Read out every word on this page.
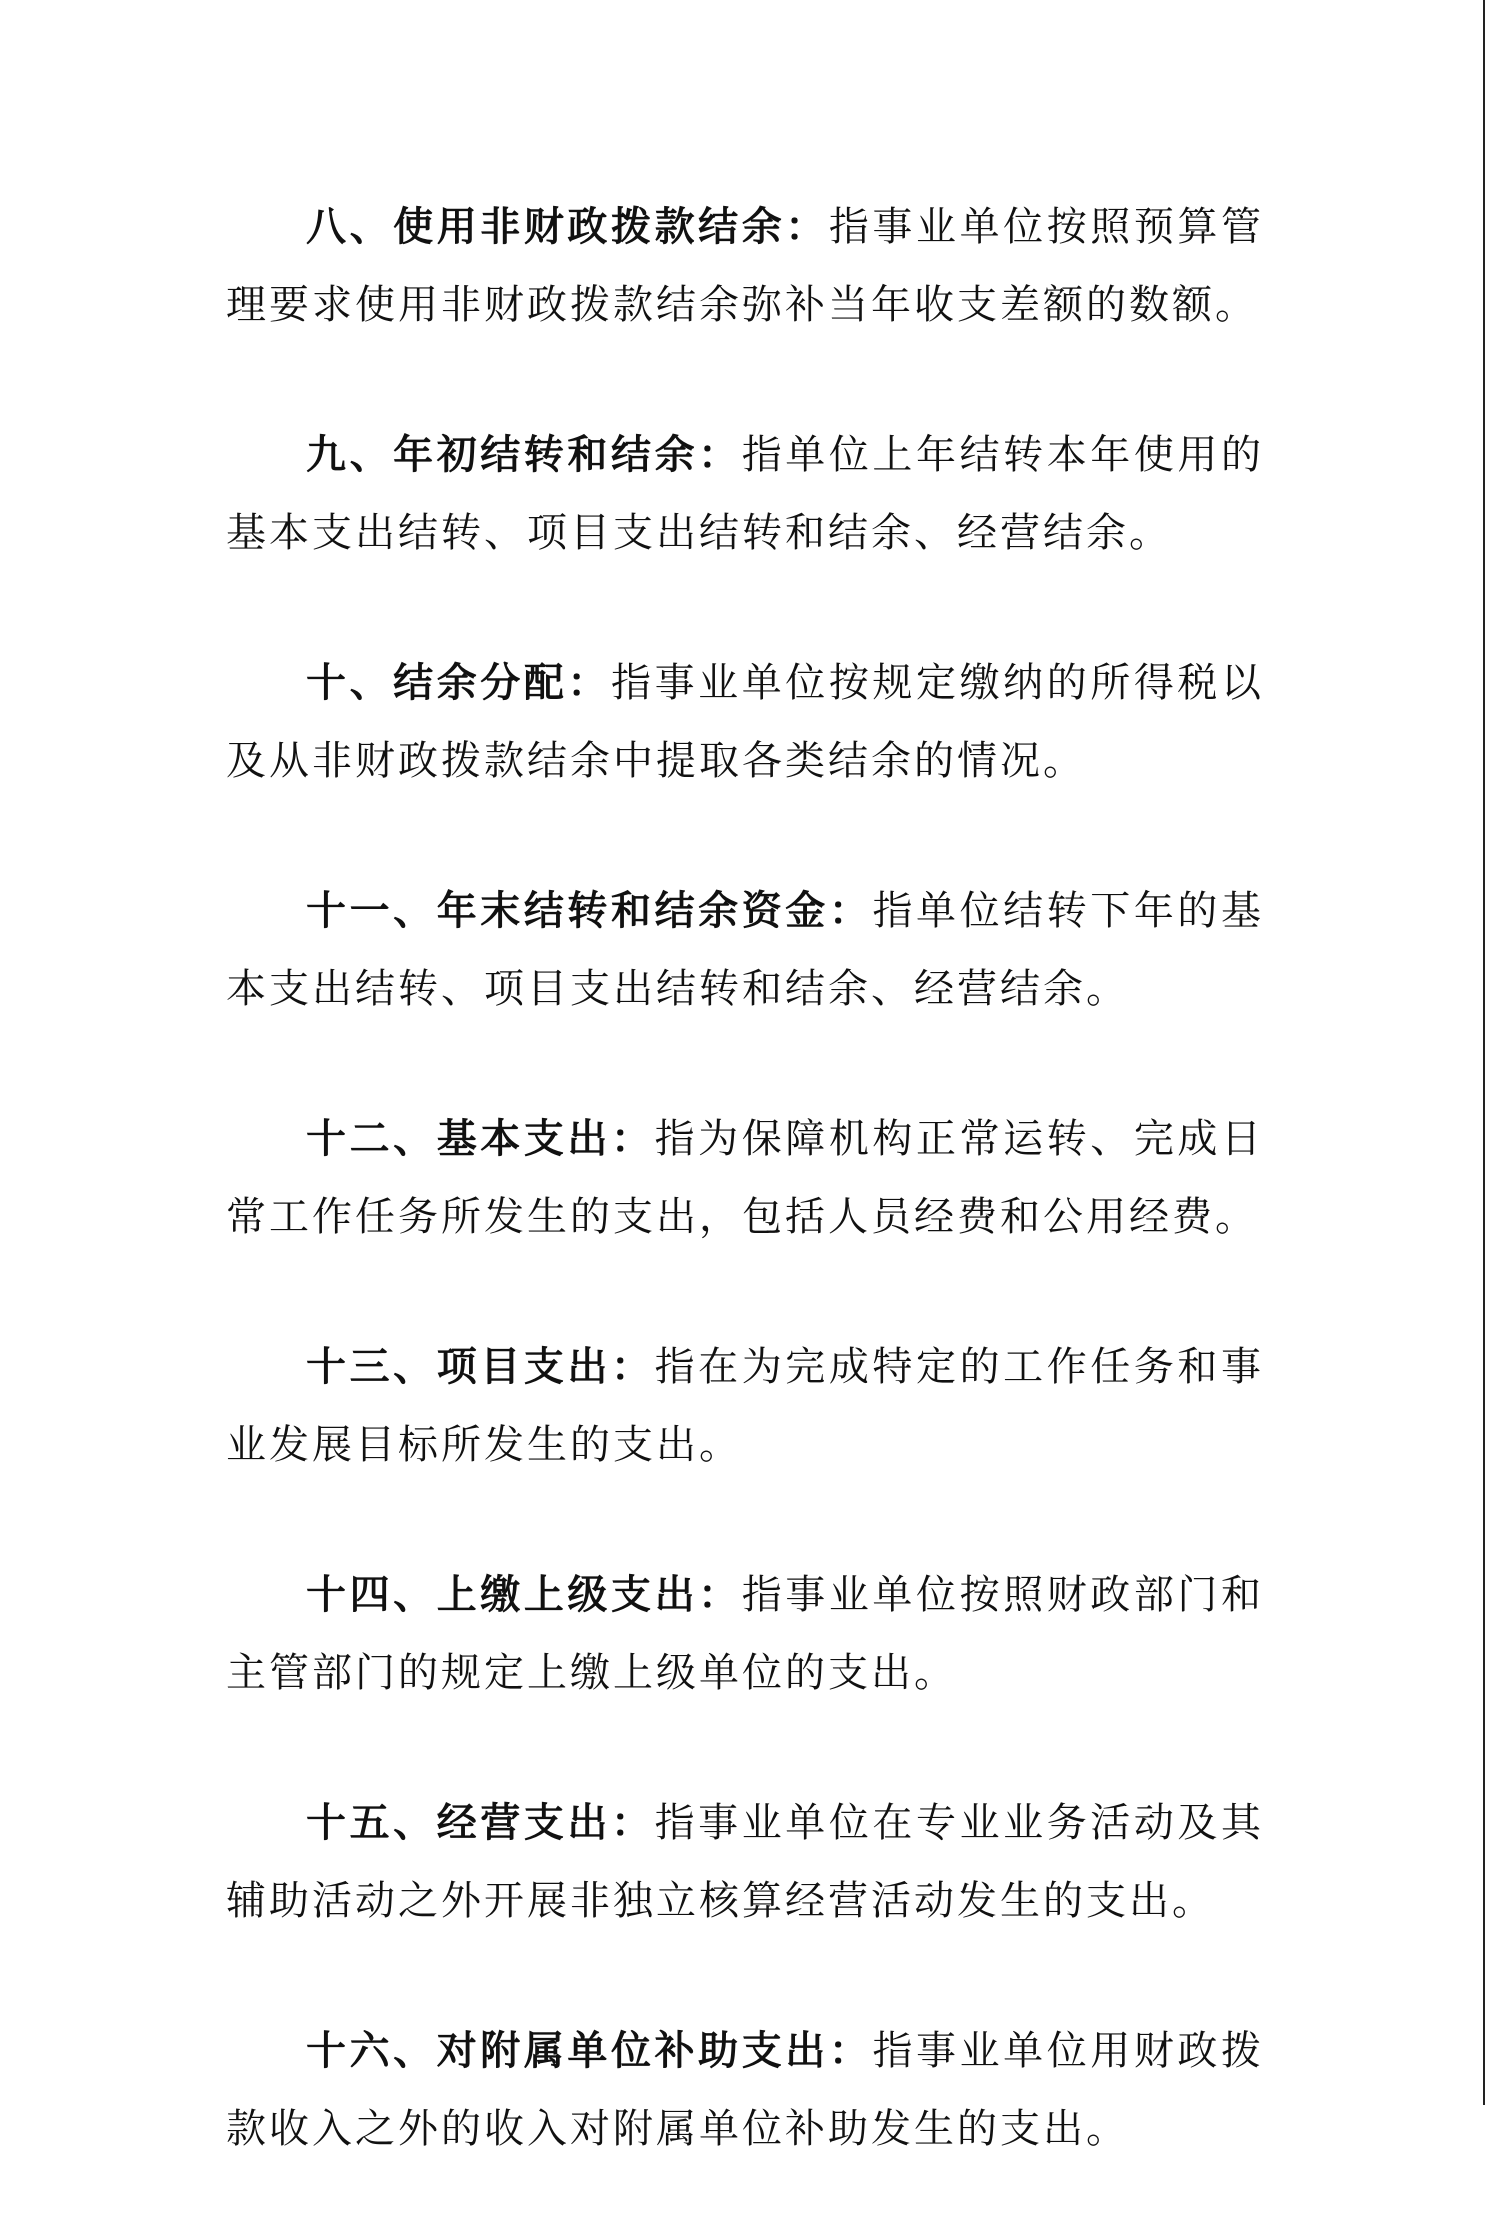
八、使用非财政拨款结余：指事业单位按照预算管理要求使用非财政拨款结余弥补当年收支差额的数额。

九、年初结转和结余：指单位上年结转本年使用的基本支出结转、项目支出结转和结余、经营结余。

十、结余分配：指事业单位按规定缴纳的所得税以及从非财政拨款结余中提取各类结余的情况。

十一、年末结转和结余资金：指单位结转下年的基本支出结转、项目支出结转和结余、经营结余。

十二、基本支出：指为保障机构正常运转、完成日常工作任务所发生的支出，包括人员经费和公用经费。

十三、项目支出：指在为完成特定的工作任务和事业发展目标所发生的支出。

十四、上缴上级支出：指事业单位按照财政部门和主管部门的规定上缴上级单位的支出。

十五、经营支出：指事业单位在专业业务活动及其辅助活动之外开展非独立核算经营活动发生的支出。

十六、对附属单位补助支出：指事业单位用财政拨款收入之外的收入对附属单位补助发生的支出。
